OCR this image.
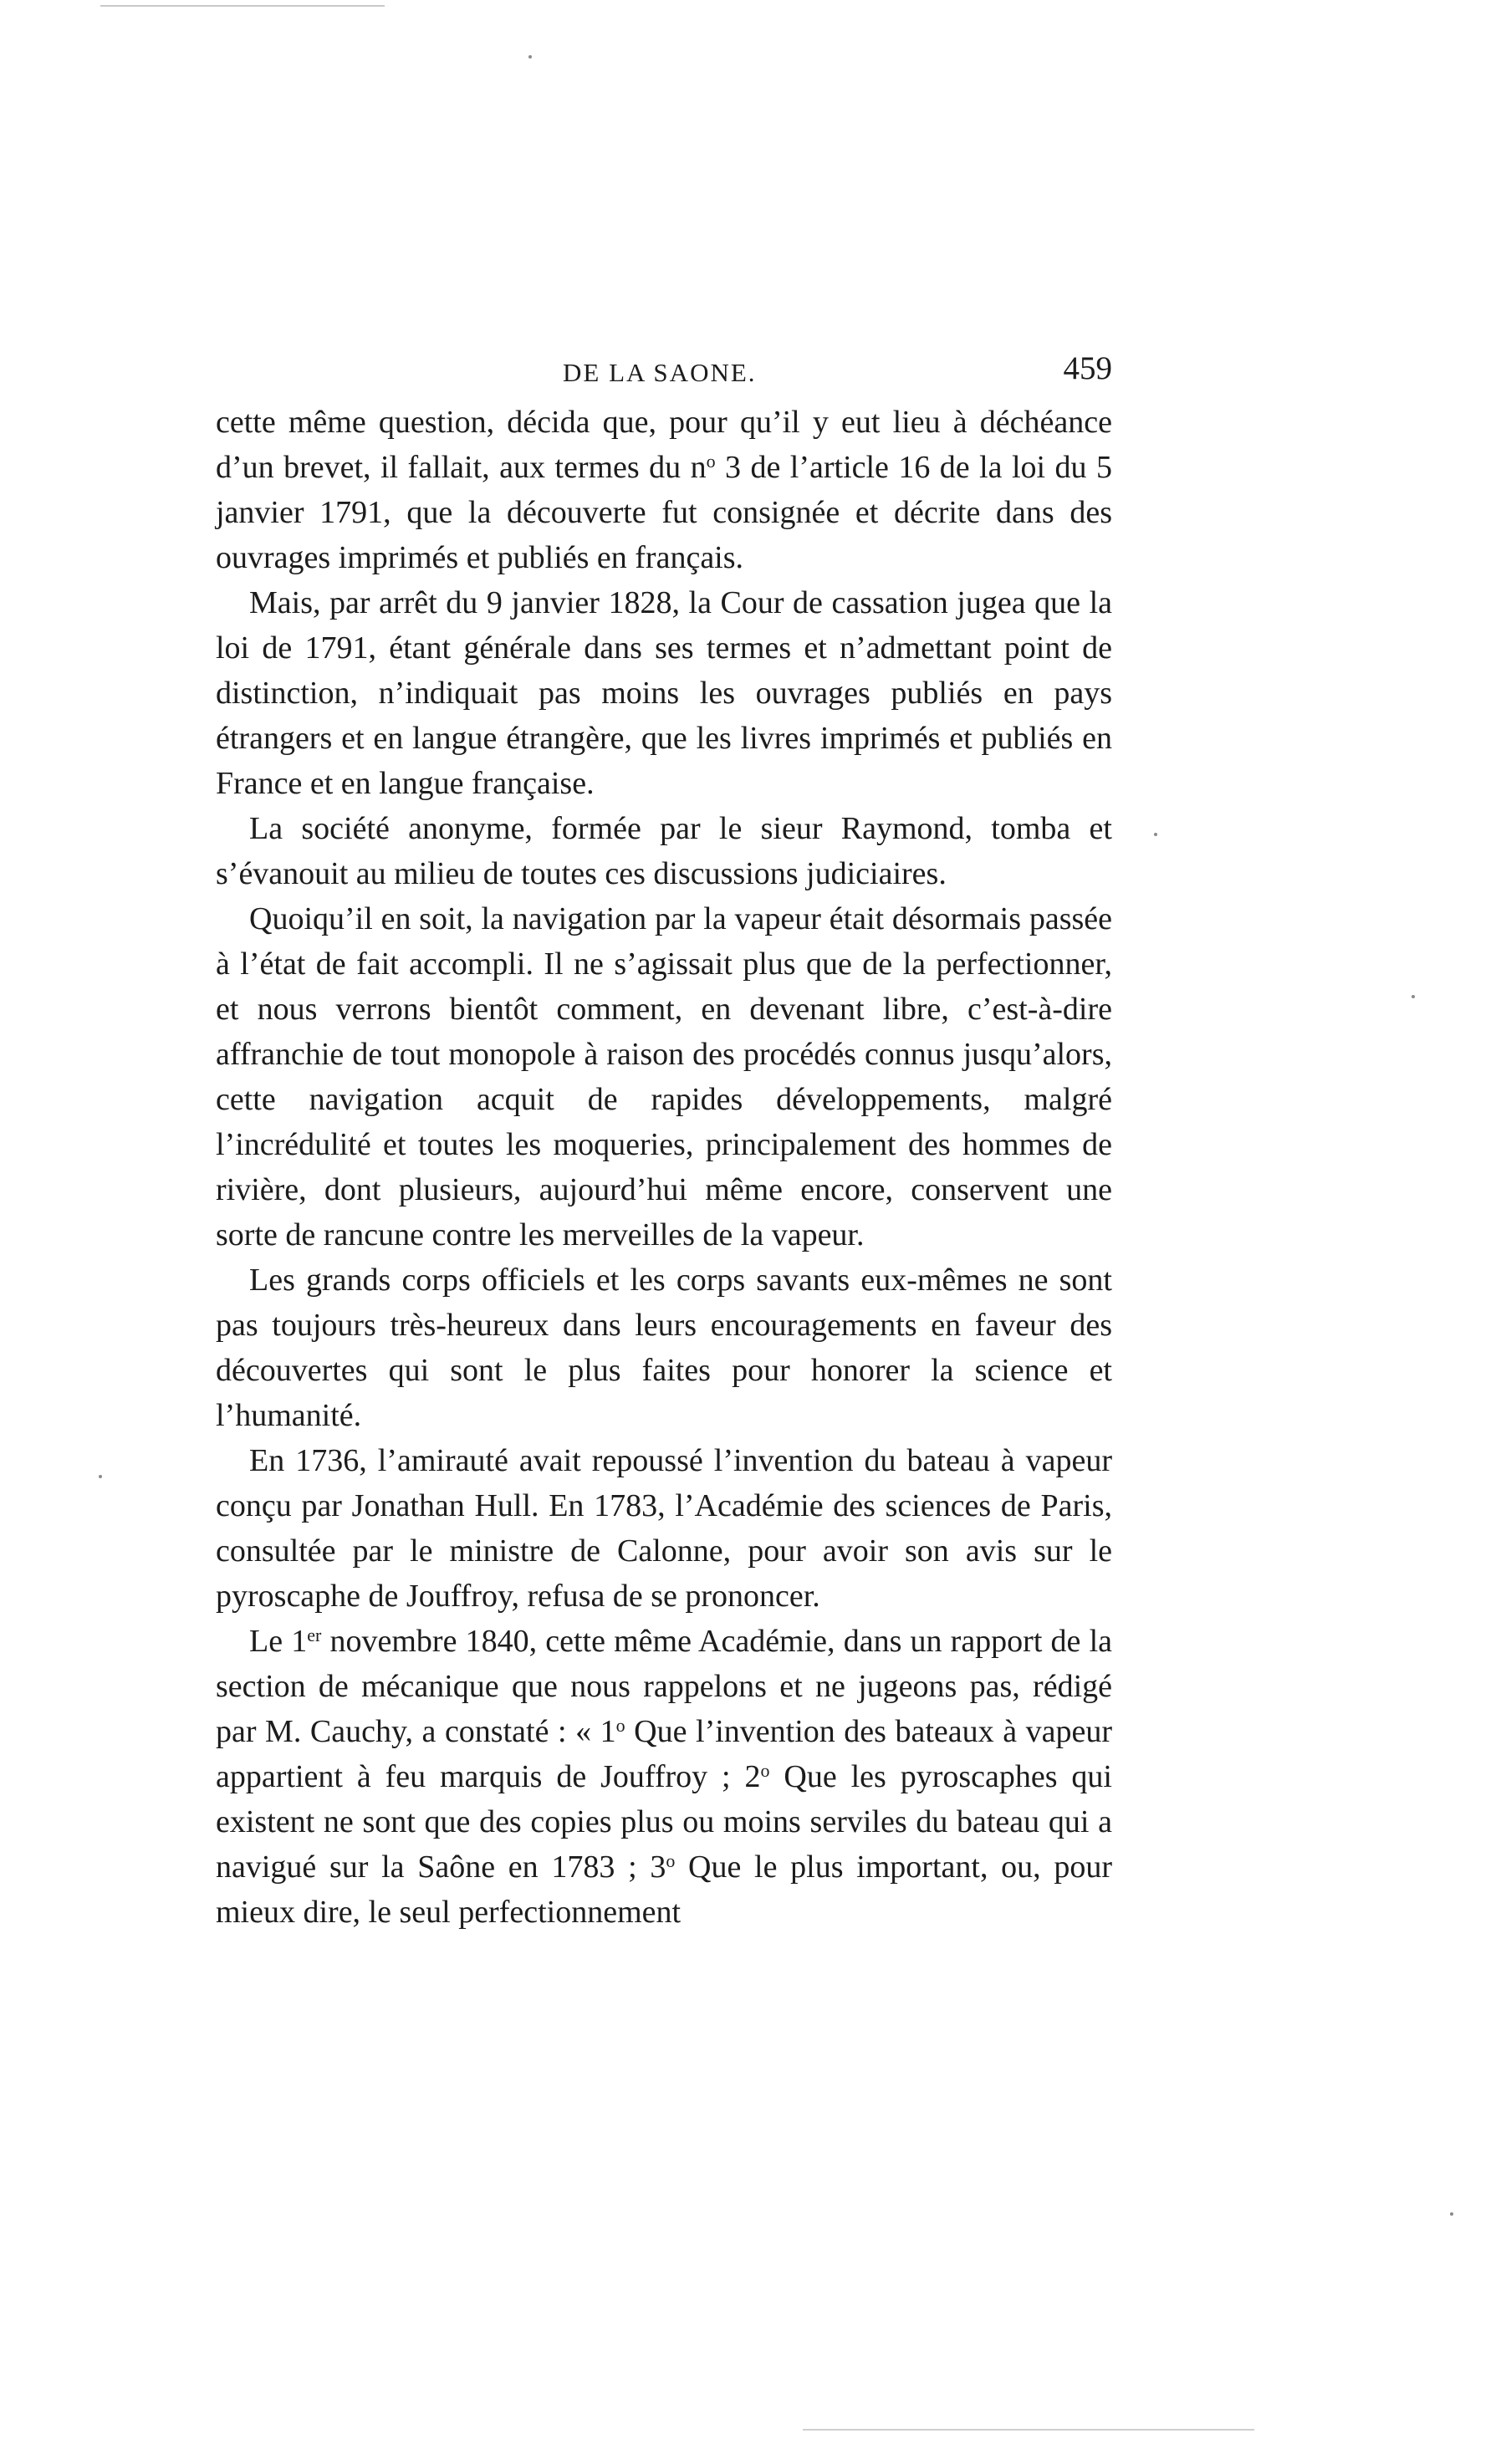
DE LA SAONE.	459

cette même question, décida que, pour qu’il y eut lieu à déchéance d’un brevet, il fallait, aux termes du $n^o$ 3 de l’article 16 de la loi du 5 janvier 1791, que la découverte fut consignée et décrite dans des ouvrages imprimés et publiés en français.

Mais, par arrêt du 9 janvier 1828, la Cour de cassation jugea que la loi de 1791, étant générale dans ses termes et n’admettant point de distinction, n’indiquait pas moins les ouvrages publiés en pays étrangers et en langue étrangère, que les livres imprimés et publiés en France et en langue française.

La société anonyme, formée par le sieur Raymond, tomba et s’évanouit au milieu de toutes ces discussions judiciaires.

Quoiqu’il en soit, la navigation par la vapeur était désormais passée à l’état de fait accompli. Il ne s’agissait plus que de la perfectionner, et nous verrons bientôt comment, en devenant libre, c’est-à-dire affranchie de tout monopole à raison des procédés connus jusqu’alors, cette navigation acquit de rapides développements, malgré l’incrédulité et toutes les moqueries, principalement des hommes de rivière, dont plusieurs, aujourd’hui même encore, conservent une sorte de rancune contre les merveilles de la vapeur.

Les grands corps officiels et les corps savants eux-mêmes ne sont pas toujours très-heureux dans leurs encouragements en faveur des découvertes qui sont le plus faites pour honorer la science et l’humanité.

En 1736, l’amirauté avait repoussé l’invention du bateau à vapeur conçu par Jonathan Hull. En 1783, l’Académie des sciences de Paris, consultée par le ministre de Calonne, pour avoir son avis sur le pyroscaphe de Jouffroy, refusa de se prononcer.

Le 1er novembre 1840, cette même Académie, dans un rapport de la section de mécanique que nous rappelons et ne jugeons pas, rédigé par M. Cauchy, a constaté : « 1$^o$ Que l’invention des bateaux à vapeur appartient à feu marquis de Jouffroy ; 2$^o$ Que les pyroscaphes qui existent ne sont que des copies plus ou moins serviles du bateau qui a navigué sur la Saône en 1783 ; 3$^o$ Que le plus important, ou, pour mieux dire, le seul perfectionnement
